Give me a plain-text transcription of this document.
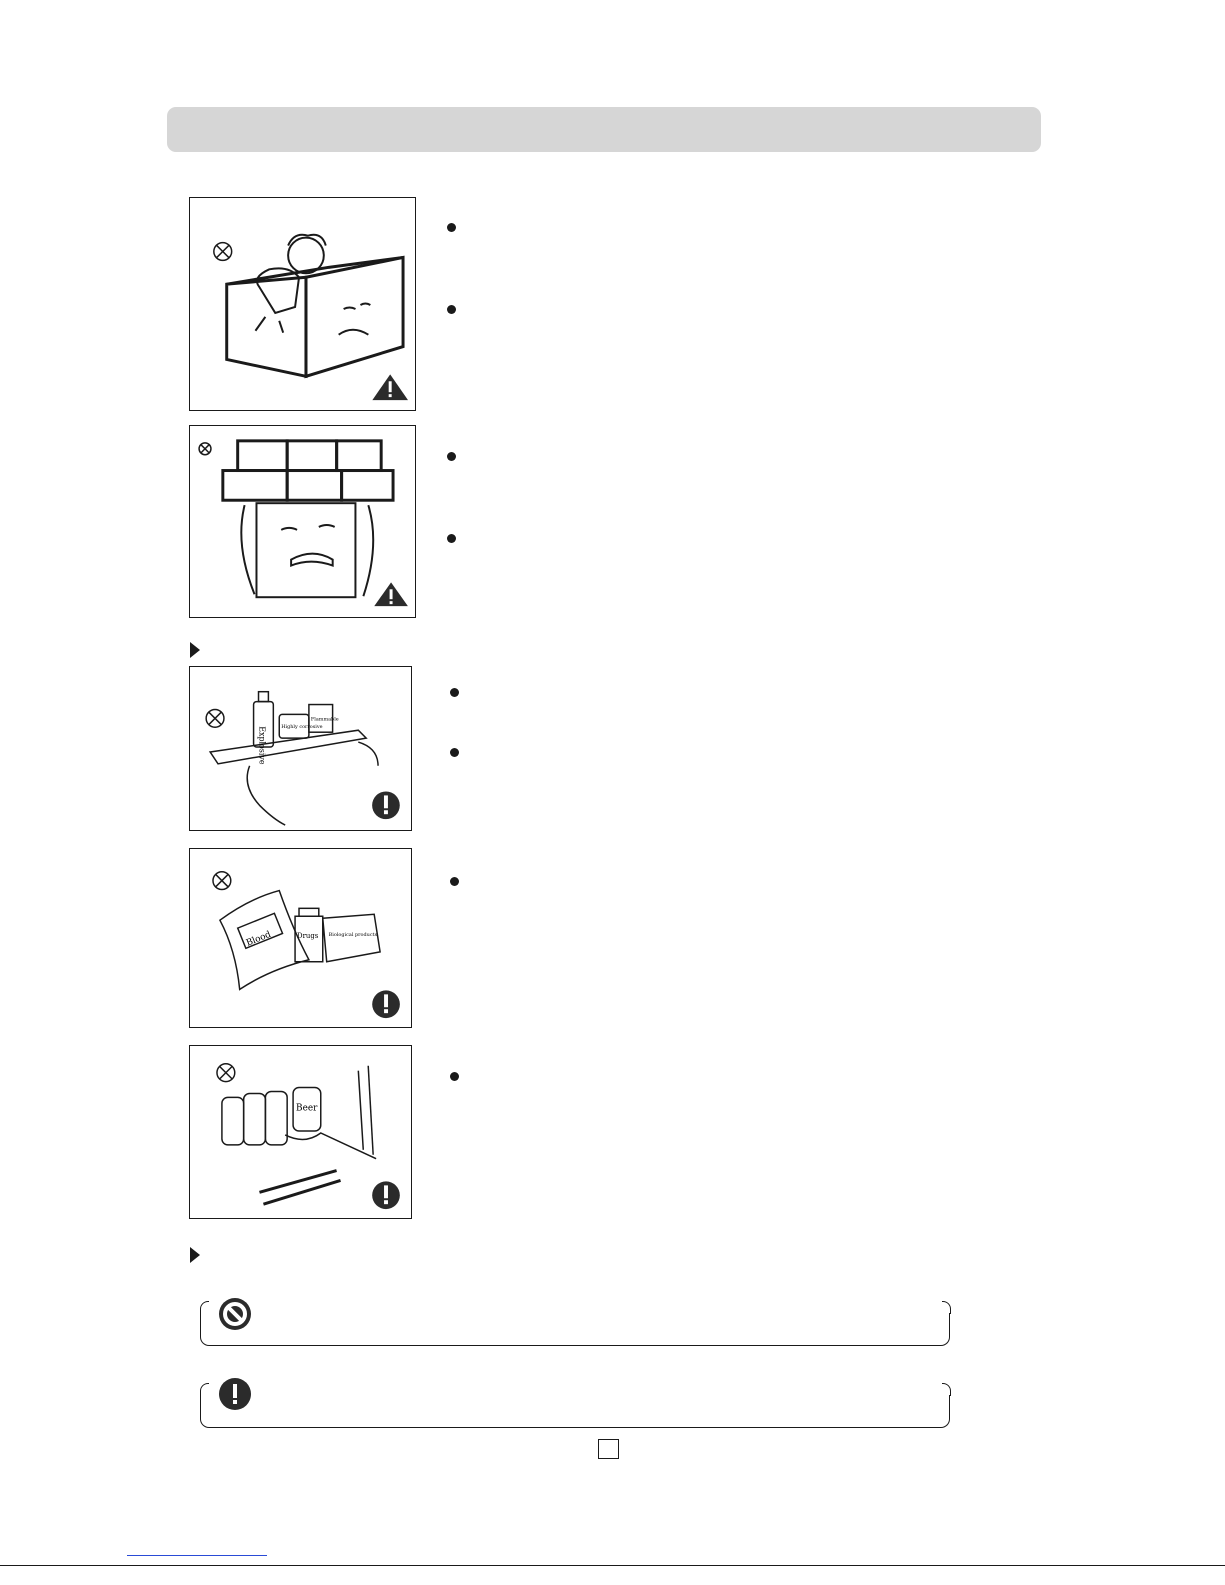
Explosive	Highly corrosive
Flammable
Blood	Drugs Biological products
Beer
